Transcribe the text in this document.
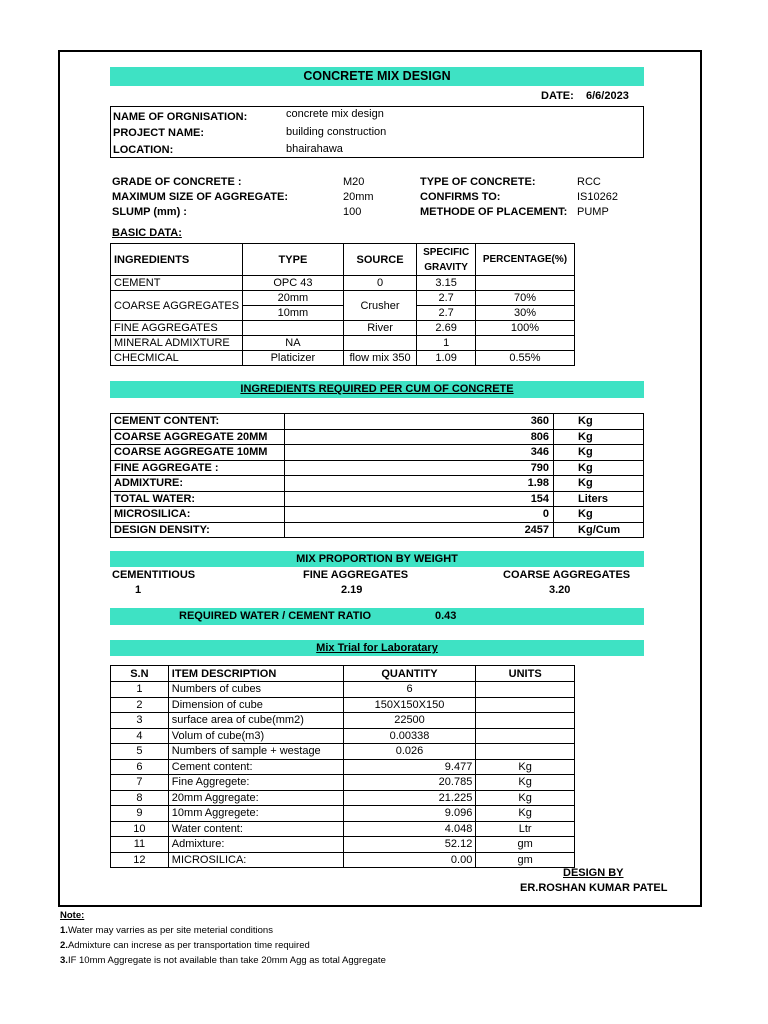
CONCRETE MIX DESIGN
DATE: 6/6/2023
NAME OF ORGNISATION:	concrete mix design
PROJECT NAME:	building construction
LOCATION:	bhairahawa
GRADE OF CONCRETE :	M20
MAXIMUM SIZE OF AGGREGATE:	20mm
SLUMP (mm) :	100
TYPE OF CONCRETE:	RCC
CONFIRMS TO:	IS10262
METHODE OF PLACEMENT: PUMP
BASIC DATA:
INGREDIENTS	TYPE	SOURCE	SPECIFIC
GRAVITY	PERCENTAGE(%)
CEMENT	OPC 43	0	3.15	
COARSE AGGREGATES	20mm	Crusher	2.7	70%
	10mm		2.7	30%
FINE AGGREGATES		River	2.69	100%
MINERAL ADMIXTURE	NA		1	
CHECMICAL	Platicizer	flow mix 350	1.09	0.55%
INGREDIENTS REQUIRED PER CUM OF CONCRETE
CEMENT CONTENT:	360	Kg
COARSE AGGREGATE 20MM	806	Kg
COARSE AGGREGATE 10MM	346	Kg
FINE AGGREGATE :	790	Kg
ADMIXTURE:	1.98	Kg
TOTAL WATER:	154	Liters
MICROSILICA:	0	Kg
DESIGN DENSITY:	2457	Kg/Cum
MIX PROPORTION BY WEIGHT
CEMENTITIOUS
1
FINE AGGREGATES
2.19
COARSE AGGREGATES
3.20
REQUIRED WATER / CEMENT RATIO	0.43
Mix Trial for Laboratary
S.N	ITEM DESCRIPTION	QUANTITY	UNITS
1	Numbers of cubes	6	
2	Dimension of cube	150X150X150	
3	surface area of cube(mm2)	22500	
4	Volum of cube(m3)	0.00338	
5	Numbers of sample + westage	0.026	
6	Cement content:	9.477	Kg
7	Fine Aggregete:	20.785	Kg
8	20mm Aggregate:	21.225	Kg
9	10mm Aggregete:	9.096	Kg
10	Water content:	4.048	Ltr
11	Admixture:	52.12	gm
12	MICROSILICA:	0.00	gm
DESIGN BY
ER.ROSHAN KUMAR PATEL
Note:
1.Water may varries as per site meterial conditions
2.Admixture can increse as per transportation time required
3.IF 10mm Aggregate is not available than take 20mm Agg as total Aggregate
